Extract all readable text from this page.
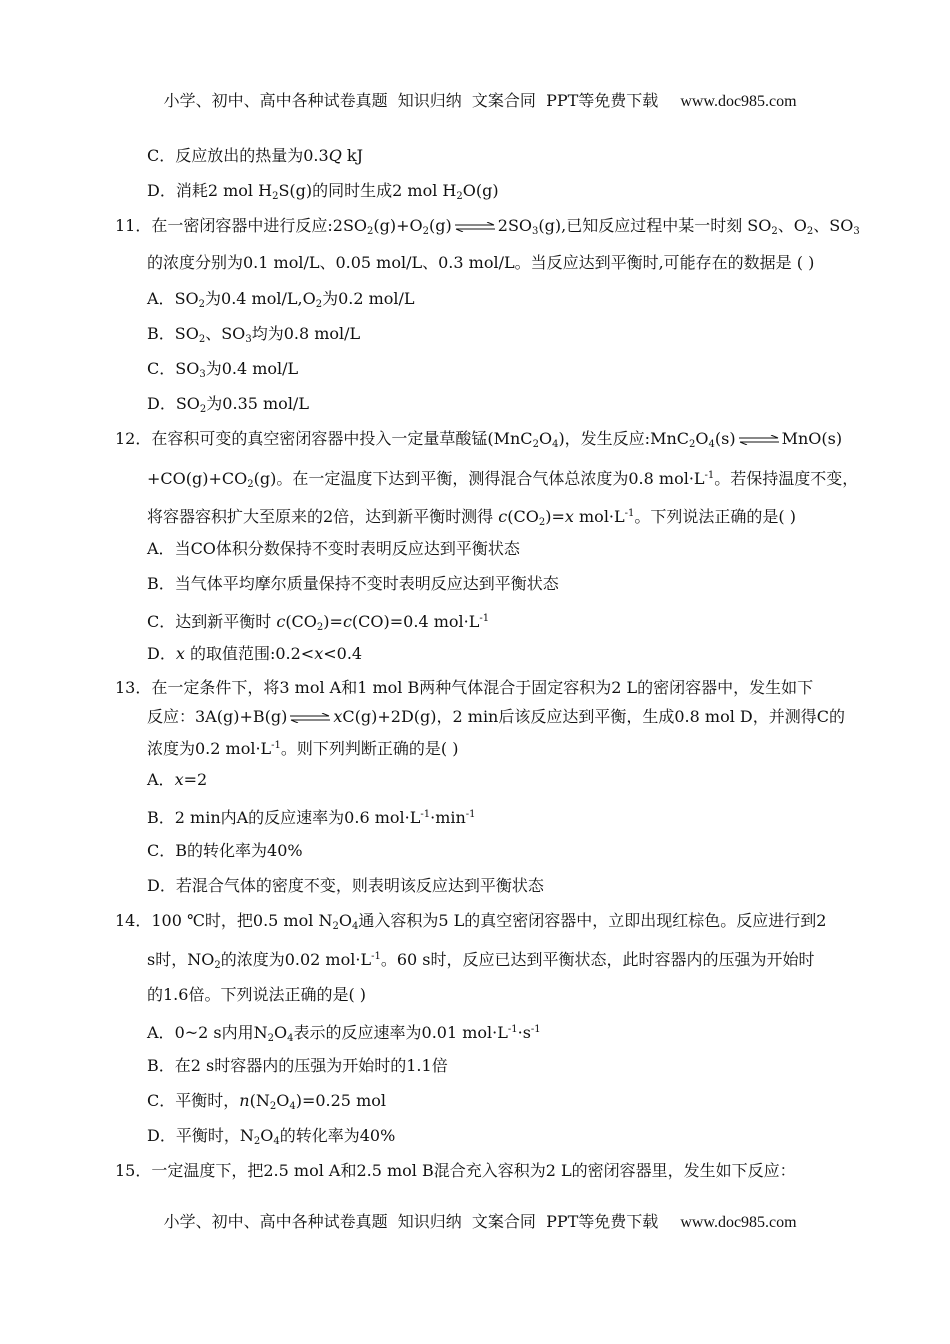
小学、初中、高中各种试卷真题  知识归纳  文案合同  PPT等免费下载 www.doc985.com

C．反应放出的热量为0.3Q kJ
D．消耗2 mol $H_2S(g)$的同时生成2 mol $H_2O(g)$
11．在一密闭容器中进行反应$:2SO_2(g)+O_2(g)$ ⇌ $2SO_3(g)$,已知反应过程中某一时刻 $SO_2$、$O_2$、$SO_3$
的浓度分别为0.1 mol/L、0.05 mol/L、0.3 mol/L。当反应达到平衡时,可能存在的数据是 ( )
A．$SO_2$为0.4 mol/$L,O_2$为0.2 mol/L
B．$SO_2$、$SO_3$均为0.8 mol/L
C．$SO_3$为0.4 mol/L
D．$SO_2$为0.35 mol/L
12．在容积可变的真空密闭容器中投入一定量草酸锰$(MnC_2O_4)$，发生反应$:MnC_2O_4(s)$ ⇌ MnO(s)
$+CO(g)+CO_2(g)$。在一定温度下达到平衡，测得混合气体总浓度为0.8 $mol\cdot L^{-1}$。若保持温度不变，
将容器容积扩大至原来的2倍，达到新平衡时测得 $c(CO_2)=x$ $mol\cdot L^{-1}$。下列说法正确的是( )
A．当CO体积分数保持不变时表明反应达到平衡状态
B．当气体平均摩尔质量保持不变时表明反应达到平衡状态
C．达到新平衡时 $c(CO_2)=c(CO)=0.4$ $mol\cdot L^{-1}$
D．x 的取值范围:0.2<x<0.4
13．在一定条件下，将3 mol A和1 mol B两种气体混合于固定容积为2 L的密闭容器中，发生如下
反应：3A(g)+B(g) ⇌ xC(g)+2D(g)，2 min后该反应达到平衡，生成0.8 mol D，并测得C的
浓度为0.2 $mol\cdot L^{-1}$。则下列判断正确的是( )
A．x=2
B．2 min内A的反应速率为0.6 $mol\cdot L^{-1}\cdot\min^{-1}$
C．B的转化率为40%
D．若混合气体的密度不变，则表明该反应达到平衡状态
14．100 ℃时，把0.5 mol $N_2O_4$通入容积为5 L的真空密闭容器中，立即出现红棕色。反应进行到2
s时，$NO_2$的浓度为0.02 $mol\cdot L^{-1}$。60 s时，反应已达到平衡状态，此时容器内的压强为开始时
的1.6倍。下列说法正确的是( )
A．0~2 s内用$N_2O_4$表示的反应速率为0.01 $mol\cdot L^{-1}\cdot s^{-1}$
B．在2 s时容器内的压强为开始时的1.1倍
C．平衡时，$n(N_2O_4)=0.25$ mol
D．平衡时，$N_2O_4$的转化率为40%
15．一定温度下，把2.5 mol A和2.5 mol B混合充入容积为2 L的密闭容器里，发生如下反应：

小学、初中、高中各种试卷真题  知识归纳  文案合同  PPT等免费下载 www.doc985.com
